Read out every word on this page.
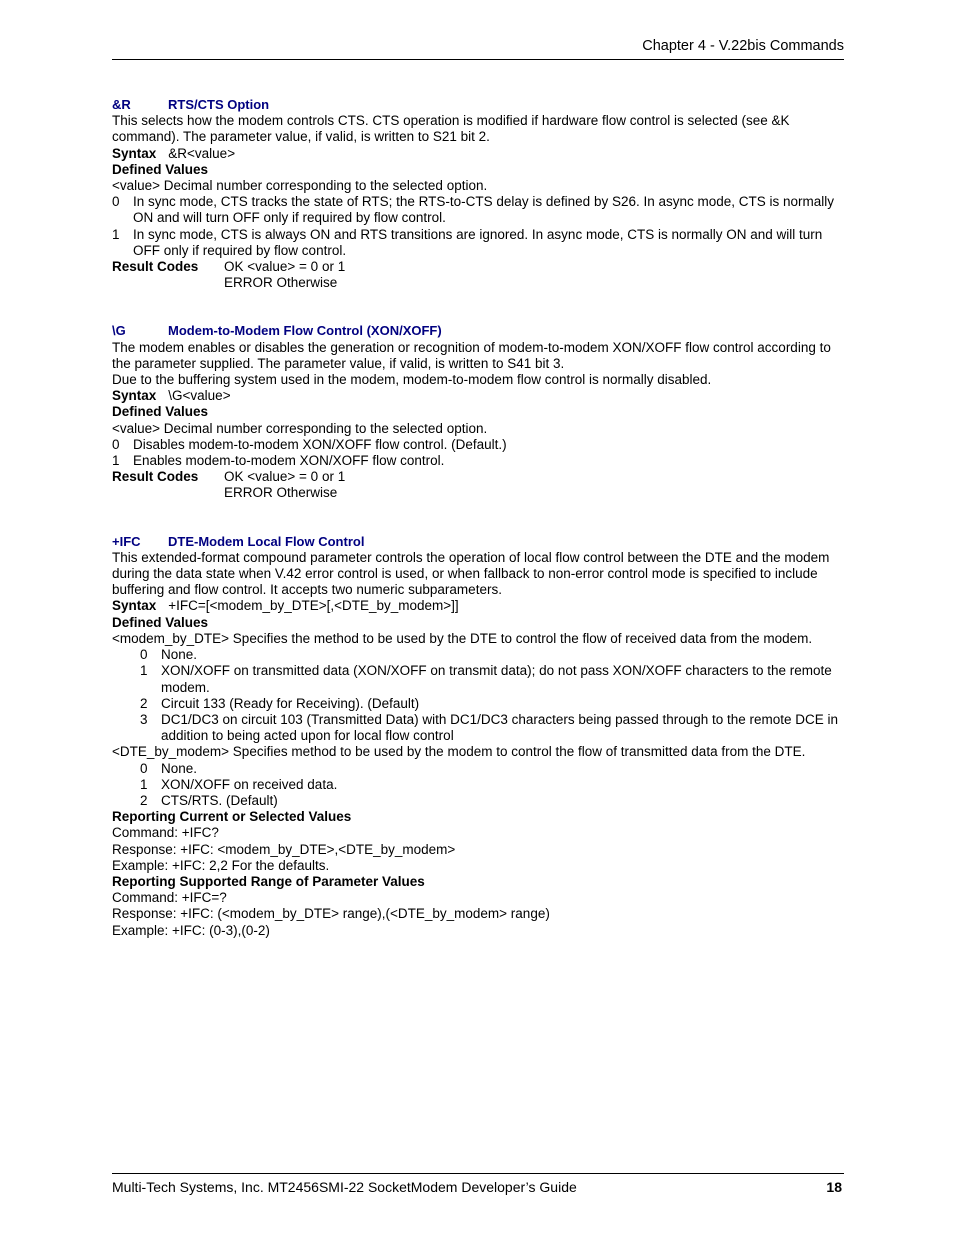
Chapter 4 - V.22bis Commands
&R	RTS/CTS Option
This selects how the modem controls CTS. CTS operation is modified if hardware flow control is selected (see &K command). The parameter value, if valid, is written to S21 bit 2.
Syntax &R<value>
Defined Values
<value> Decimal number corresponding to the selected option.
0 In sync mode, CTS tracks the state of RTS; the RTS-to-CTS delay is defined by S26. In async mode, CTS is normally ON and will turn OFF only if required by flow control.
1 In sync mode, CTS is always ON and RTS transitions are ignored. In async mode, CTS is normally ON and will turn OFF only if required by flow control.
Result Codes OK <value> = 0 or 1
ERROR Otherwise
\G	Modem-to-Modem Flow Control (XON/XOFF)
The modem enables or disables the generation or recognition of modem-to-modem XON/XOFF flow control according to the parameter supplied. The parameter value, if valid, is written to S41 bit 3.
Due to the buffering system used in the modem, modem-to-modem flow control is normally disabled.
Syntax \G<value>
Defined Values
<value> Decimal number corresponding to the selected option.
0 Disables modem-to-modem XON/XOFF flow control. (Default.)
1 Enables modem-to-modem XON/XOFF flow control.
Result Codes OK <value> = 0 or 1
ERROR Otherwise
+IFC DTE-Modem Local Flow Control
This extended-format compound parameter controls the operation of local flow control between the DTE and the modem during the data state when V.42 error control is used, or when fallback to non-error control mode is specified to include buffering and flow control. It accepts two numeric subparameters.
Syntax +IFC=[<modem_by_DTE>[,<DTE_by_modem>]]
Defined Values
<modem_by_DTE> Specifies the method to be used by the DTE to control the flow of received data from the modem.
0 None.
1 XON/XOFF on transmitted data (XON/XOFF on transmit data); do not pass XON/XOFF characters to the remote modem.
2 Circuit 133 (Ready for Receiving). (Default)
3 DC1/DC3 on circuit 103 (Transmitted Data) with DC1/DC3 characters being passed through to the remote DCE in addition to being acted upon for local flow control
<DTE_by_modem> Specifies method to be used by the modem to control the flow of transmitted data from the DTE.
0 None.
1 XON/XOFF on received data.
2 CTS/RTS. (Default)
Reporting Current or Selected Values
Command: +IFC?
Response: +IFC: <modem_by_DTE>,<DTE_by_modem>
Example: +IFC: 2,2 For the defaults.
Reporting Supported Range of Parameter Values
Command: +IFC=?
Response: +IFC: (<modem_by_DTE> range),(<DTE_by_modem> range)
Example: +IFC: (0-3),(0-2)
Multi-Tech Systems, Inc. MT2456SMI-22 SocketModem Developer’s Guide	18
